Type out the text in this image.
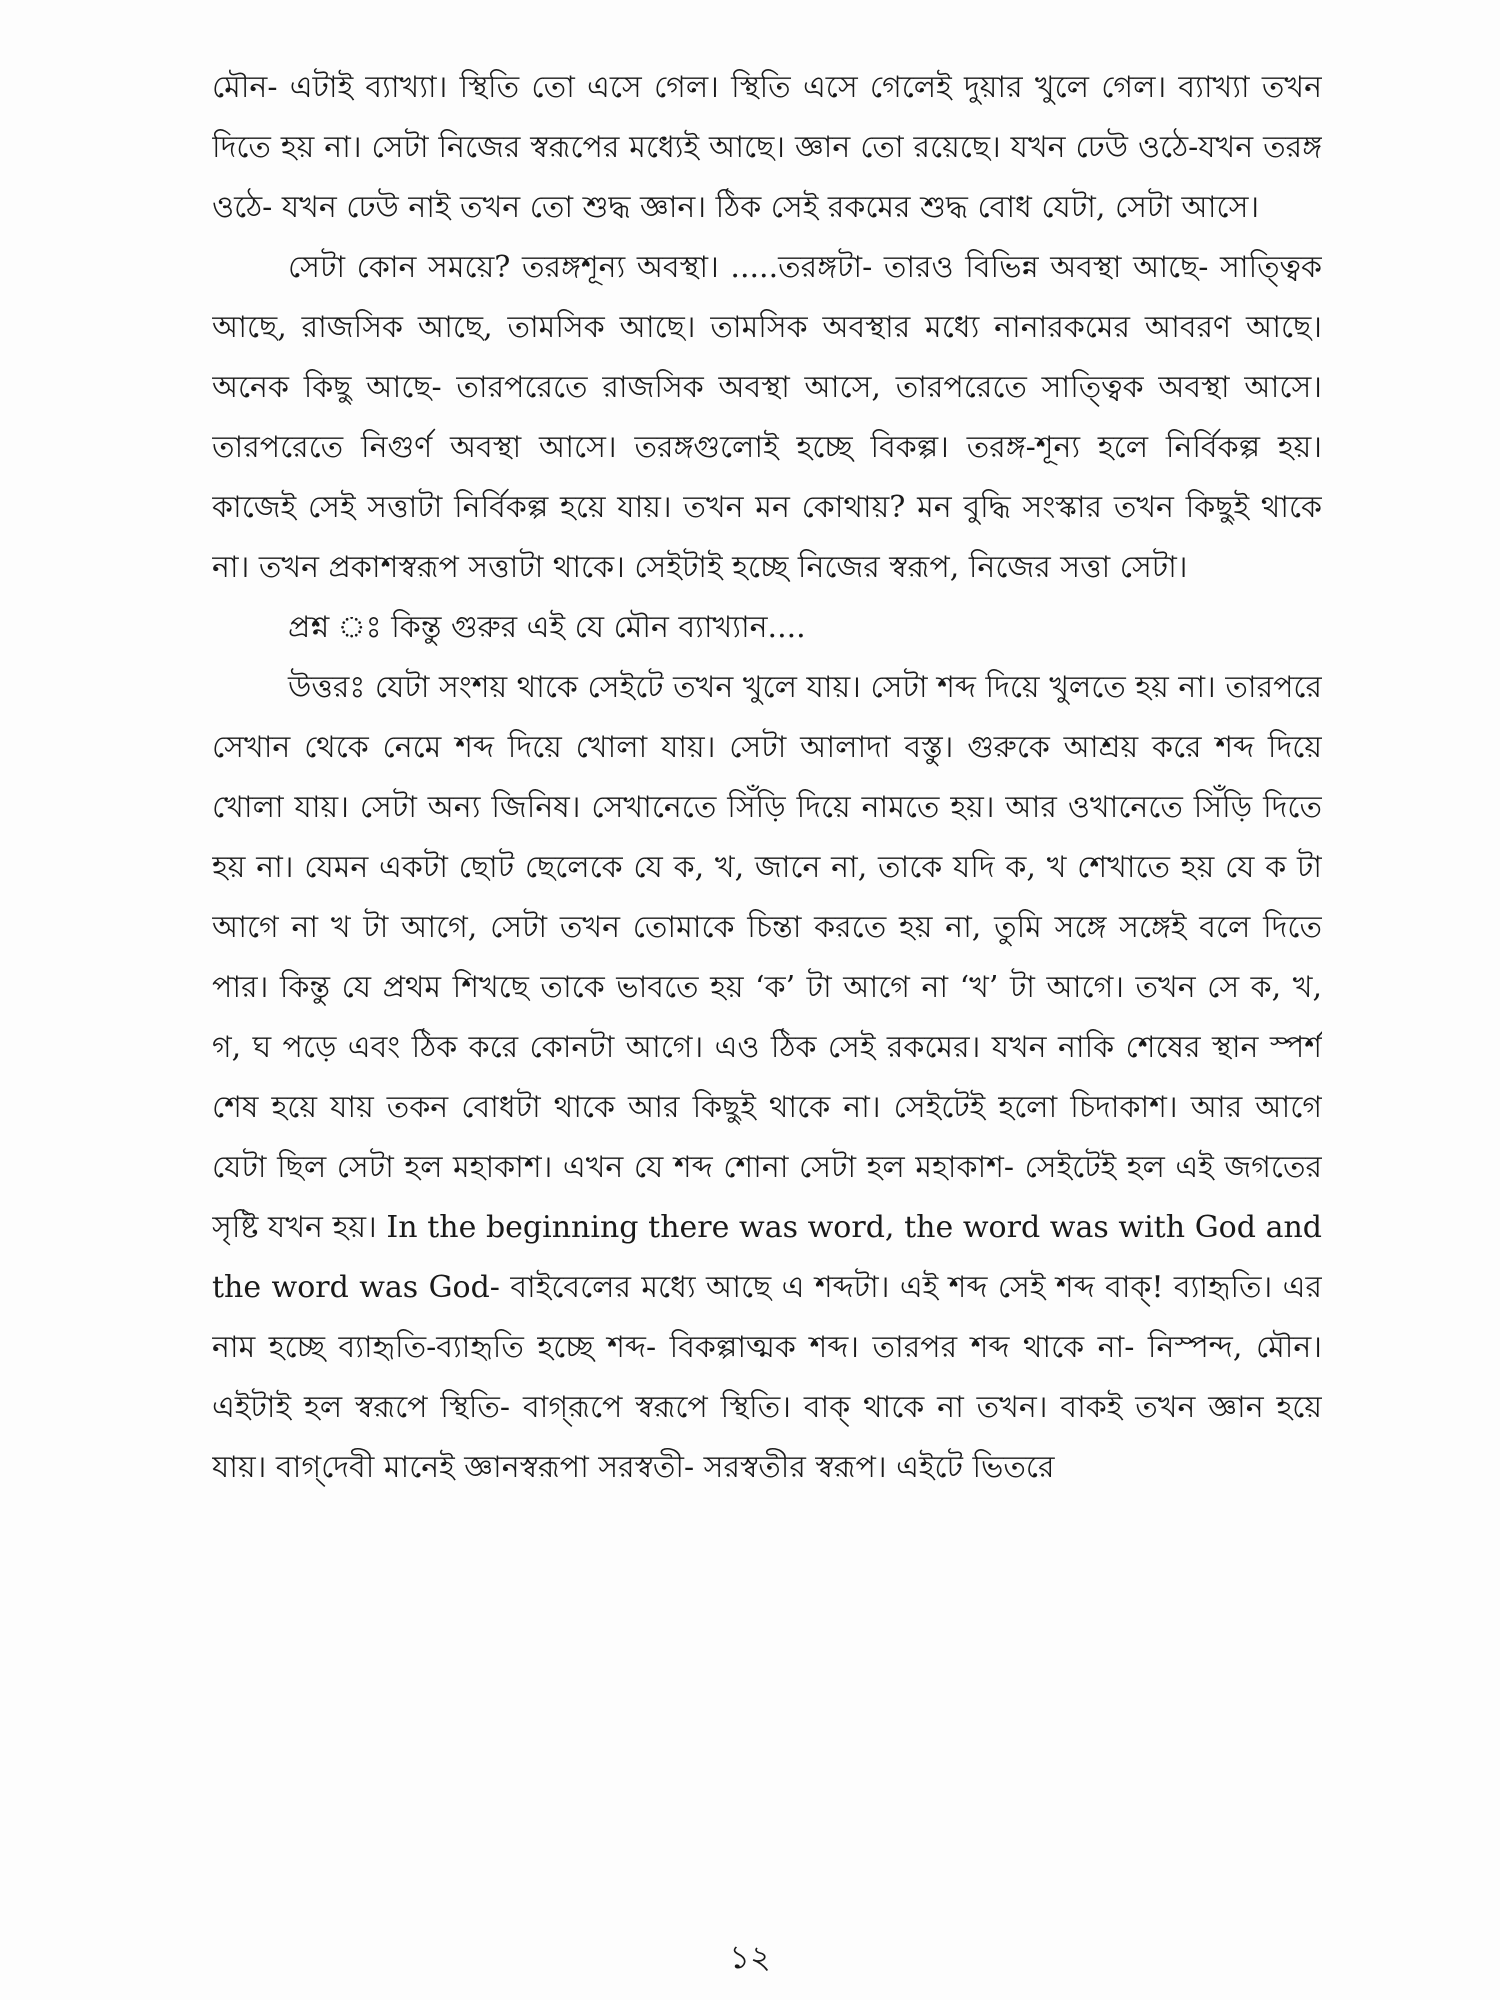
মৌন- এটাই ব্যাখ্যা। স্থিতি তো এসে গেল। স্থিতি এসে গেলেই দুয়ার খুলে গেল। ব্যাখ্যা তখন দিতে হয় না। সেটা নিজের স্বরূপের মধ্যেই আছে। জ্ঞান তো রয়েছে। যখন ঢেউ ওঠে-যখন তরঙ্গ ওঠে- যখন ঢেউ নাই তখন তো শুদ্ধ জ্ঞান। ঠিক সেই রকমের শুদ্ধ বোধ যেটা, সেটা আসে।

সেটা কোন সময়ে? তরঙ্গশূন্য অবস্থা। .....তরঙ্গটা- তারও বিভিন্ন অবস্থা আছে- সাত্ত্বিক আছে, রাজসিক আছে, তামসিক আছে। তামসিক অবস্থার মধ্যে নানারকমের আবরণ আছে। অনেক কিছু আছে- তারপরেতে রাজসিক অবস্থা আসে, তারপরেতে সাত্ত্বিক অবস্থা আসে। তারপরেতে নিগুর্ণ অবস্থা আসে। তরঙ্গগুলোই হচ্ছে বিকল্প। তরঙ্গ-শূন্য হলে নির্বিকল্প হয়। কাজেই সেই সত্তাটা নির্বিকল্প হয়ে যায়। তখন মন কোথায়? মন বুদ্ধি সংস্কার তখন কিছুই থাকে না। তখন প্রকাশস্বরূপ সত্তাটা থাকে। সেইটাই হচ্ছে নিজের স্বরূপ, নিজের সত্তা সেটা।

প্রশ্ন ঃ কিন্তু গুরুর এই যে মৌন ব্যাখ্যান....

উত্তরঃ যেটা সংশয় থাকে সেইটে তখন খুলে যায়। সেটা শব্দ দিয়ে খুলতে হয় না। তারপরে সেখান থেকে নেমে শব্দ দিয়ে খোলা যায়। সেটা আলাদা বস্তু। গুরুকে আশ্রয় করে শব্দ দিয়ে খোলা যায়। সেটা অন্য জিনিষ। সেখানেতে সিঁড়ি দিয়ে নামতে হয়। আর ওখানেতে সিঁড়ি দিতে হয় না। যেমন একটা ছোট ছেলেকে যে ক, খ, জানে না, তাকে যদি ক, খ শেখাতে হয় যে ক টা আগে না খ টা আগে, সেটা তখন তোমাকে চিন্তা করতে হয় না, তুমি সঙ্গে সঙ্গেই বলে দিতে পার। কিন্তু যে প্রথম শিখছে তাকে ভাবতে হয় ‘ক’ টা আগে না ‘খ’ টা আগে। তখন সে ক, খ, গ, ঘ পড়ে এবং ঠিক করে কোনটা আগে। এও ঠিক সেই রকমের। যখন নাকি শেষের স্থান স্পর্শ শেষ হয়ে যায় তকন বোধটা থাকে আর কিছুই থাকে না। সেইটেই হলো চিদাকাশ। আর আগে যেটা ছিল সেটা হল মহাকাশ। এখন যে শব্দ শোনা সেটা হল মহাকাশ- সেইটেই হল এই জগতের সৃষ্টি যখন হয়। In the beginning there was word, the word was with God and the word was God- বাইবেলের মধ্যে আছে এ শব্দটা। এই শব্দ সেই শব্দ বাক্! ব্যাহৃতি। এর নাম হচ্ছে ব্যাহৃতি-ব্যাহৃতি হচ্ছে শব্দ- বিকল্পাত্মক শব্দ। তারপর শব্দ থাকে না- নিস্পন্দ, মৌন। এইটাই হল স্বরূপে স্থিতি- বাগ্‌রূপে স্বরূপে স্থিতি। বাক্ থাকে না তখন। বাকই তখন জ্ঞান হয়ে যায়। বাগ্‌দেবী মানেই জ্ঞানস্বরূপা সরস্বতী- সরস্বতীর স্বরূপ। এইটে ভিতরে

১২
